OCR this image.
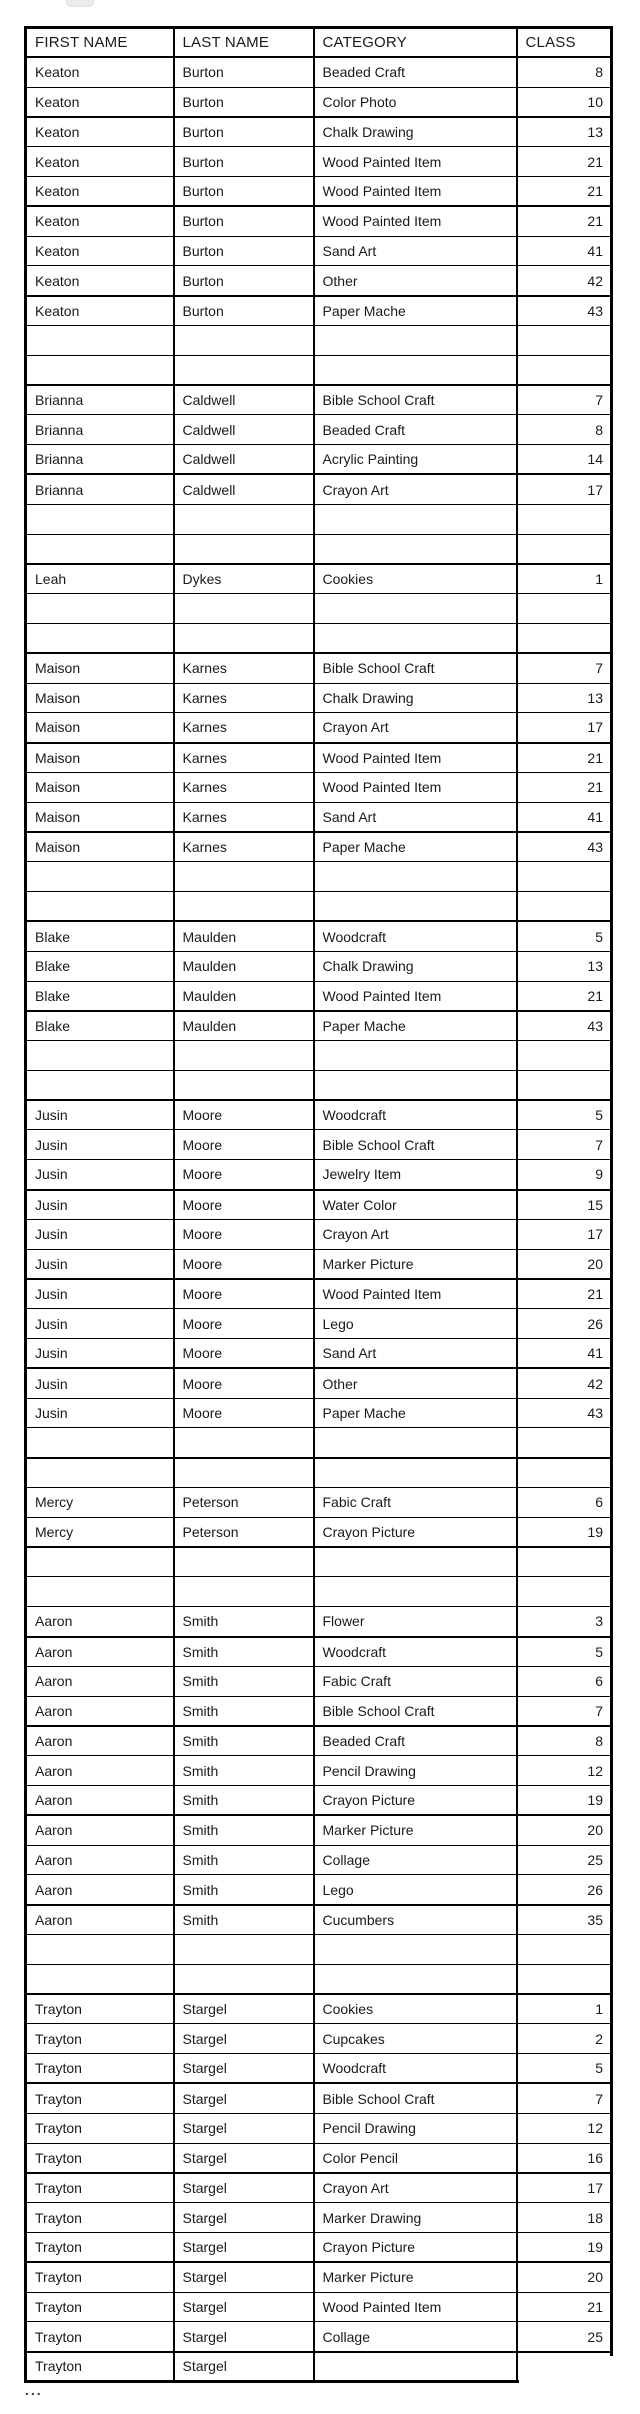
FIRST NAME	LAST NAME	CATEGORY	CLASS
Keaton	Burton	Beaded Craft	8
Keaton	Burton	Color Photo	10
Keaton	Burton	Chalk Drawing	13
Keaton	Burton	Wood Painted Item	21
Keaton	Burton	Wood Painted Item	21
Keaton	Burton	Wood Painted Item	21
Keaton	Burton	Sand Art	41
Keaton	Burton	Other	42
Keaton	Burton	Paper Mache	43

Brianna	Caldwell	Bible School Craft	7
Brianna	Caldwell	Beaded Craft	8
Brianna	Caldwell	Acrylic Painting	14
Brianna	Caldwell	Crayon Art	17

Leah	Dykes	Cookies	1

Maison	Karnes	Bible School Craft	7
Maison	Karnes	Chalk Drawing	13
Maison	Karnes	Crayon Art	17
Maison	Karnes	Wood Painted Item	21
Maison	Karnes	Wood Painted Item	21
Maison	Karnes	Sand Art	41
Maison	Karnes	Paper Mache	43

Blake	Maulden	Woodcraft	5
Blake	Maulden	Chalk Drawing	13
Blake	Maulden	Wood Painted Item	21
Blake	Maulden	Paper Mache	43

Jusin	Moore	Woodcraft	5
Jusin	Moore	Bible School Craft	7
Jusin	Moore	Jewelry Item	9
Jusin	Moore	Water Color	15
Jusin	Moore	Crayon Art	17
Jusin	Moore	Marker Picture	20
Jusin	Moore	Wood Painted Item	21
Jusin	Moore	Lego	26
Jusin	Moore	Sand Art	41
Jusin	Moore	Other	42
Jusin	Moore	Paper Mache	43

Mercy	Peterson	Fabic Craft	6
Mercy	Peterson	Crayon Picture	19

Aaron	Smith	Flower	3
Aaron	Smith	Woodcraft	5
Aaron	Smith	Fabic Craft	6
Aaron	Smith	Bible School Craft	7
Aaron	Smith	Beaded Craft	8
Aaron	Smith	Pencil Drawing	12
Aaron	Smith	Crayon Picture	19
Aaron	Smith	Marker Picture	20
Aaron	Smith	Collage	25
Aaron	Smith	Lego	26
Aaron	Smith	Cucumbers	35

Trayton	Stargel	Cookies	1
Trayton	Stargel	Cupcakes	2
Trayton	Stargel	Woodcraft	5
Trayton	Stargel	Bible School Craft	7
Trayton	Stargel	Pencil Drawing	12
Trayton	Stargel	Color Pencil	16
Trayton	Stargel	Crayon Art	17
Trayton	Stargel	Marker Drawing	18
Trayton	Stargel	Crayon Picture	19
Trayton	Stargel	Marker Picture	20
Trayton	Stargel	Wood Painted Item	21
Trayton	Stargel	Collage	25
Trayton	Stargel		
...
